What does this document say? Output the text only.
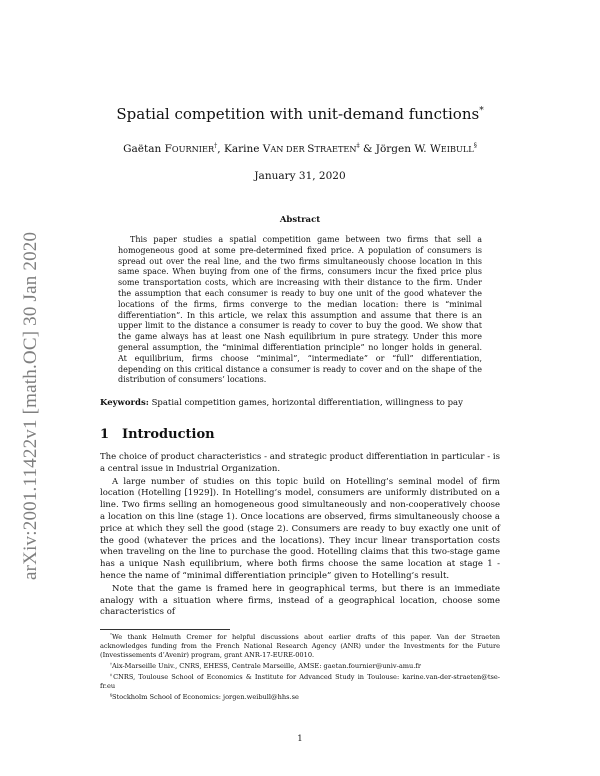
arXiv:2001.11422v1 [math.OC] 30 Jan 2020
Spatial competition with unit-demand functions*
Gaëtan FOURNIER†, Karine VAN DER STRAETEN‡ & Jörgen W. WEIBULL§
January 31, 2020
Abstract
This paper studies a spatial competition game between two firms that sell a homogeneous good at some pre-determined fixed price. A population of consumers is spread out over the real line, and the two firms simultaneously choose location in this same space. When buying from one of the firms, consumers incur the fixed price plus some transportation costs, which are increasing with their distance to the firm. Under the assumption that each consumer is ready to buy one unit of the good whatever the locations of the firms, firms converge to the median location: there is “minimal differentiation”. In this article, we relax this assumption and assume that there is an upper limit to the distance a consumer is ready to cover to buy the good. We show that the game always has at least one Nash equilibrium in pure strategy. Under this more general assumption, the “minimal differentiation principle” no longer holds in general. At equilibrium, firms choose “minimal”, “intermediate” or “full” differentiation, depending on this critical distance a consumer is ready to cover and on the shape of the distribution of consumers’ locations.
Keywords: Spatial competition games, horizontal differentiation, willingness to pay
1 Introduction

The choice of product characteristics - and strategic product differentiation in particular - is a central issue in Industrial Organization.

A large number of studies on this topic build on Hotelling’s seminal model of firm location (Hotelling [1929]). In Hotelling’s model, consumers are uniformly distributed on a line. Two firms selling an homogeneous good simultaneously and non-cooperatively choose a location on this line (stage 1). Once locations are observed, firms simultaneously choose a price at which they sell the good (stage 2). Consumers are ready to buy exactly one unit of the good (whatever the prices and the locations). They incur linear transportation costs when traveling on the line to purchase the good. Hotelling claims that this two-stage game has a unique Nash equilibrium, where both firms choose the same location at stage 1 - hence the name of “minimal differentiation principle” given to Hotelling’s result.

Note that the game is framed here in geographical terms, but there is an immediate analogy with a situation where firms, instead of a geographical location, choose some characteristics of

*We thank Helmuth Cremer for helpful discussions about earlier drafts of this paper. Van der Straeten acknowledges funding from the French National Research Agency (ANR) under the Investments for the Future (Investissements d’Avenir) program, grant ANR-17-EURE-0010.

†Aix-Marseille Univ., CNRS, EHESS, Centrale Marseille, AMSE: gaetan.fournier@univ-amu.fr

‡CNRS, Toulouse School of Economics & Institute for Advanced Study in Toulouse: karine.van-der-straeten@tse-fr.eu

§Stockholm School of Economics: jorgen.weibull@hhs.se

1
